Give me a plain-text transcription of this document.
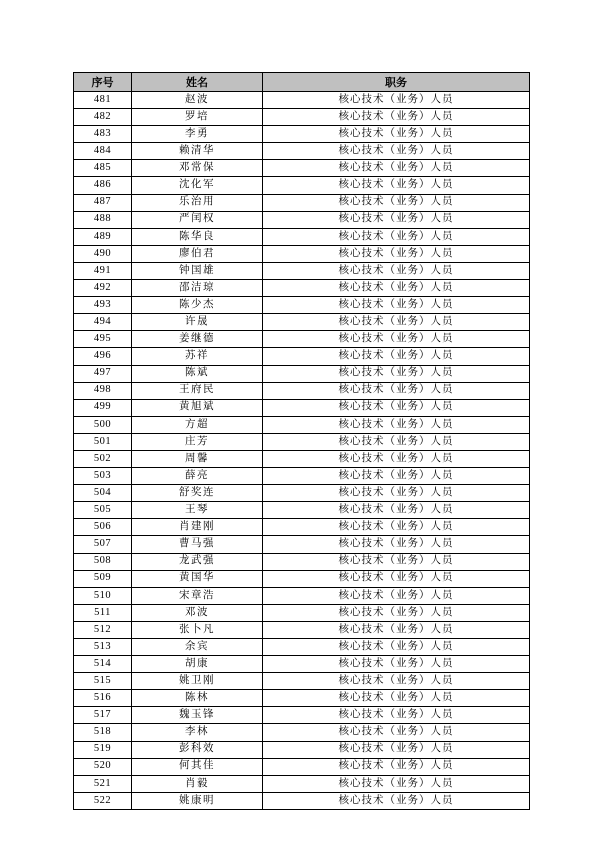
序号	姓名	职务
481	赵波	核心技术（业务）人员
482	罗培	核心技术（业务）人员
483	李勇	核心技术（业务）人员
484	赖清华	核心技术（业务）人员
485	邓常保	核心技术（业务）人员
486	沈化军	核心技术（业务）人员
487	乐治用	核心技术（业务）人员
488	严闰权	核心技术（业务）人员
489	陈华良	核心技术（业务）人员
490	廖伯君	核心技术（业务）人员
491	钟国雄	核心技术（业务）人员
492	邵洁琼	核心技术（业务）人员
493	陈少杰	核心技术（业务）人员
494	许晟	核心技术（业务）人员
495	姜继德	核心技术（业务）人员
496	苏祥	核心技术（业务）人员
497	陈斌	核心技术（业务）人员
498	王府民	核心技术（业务）人员
499	黄旭斌	核心技术（业务）人员
500	方超	核心技术（业务）人员
501	庄芳	核心技术（业务）人员
502	周馨	核心技术（业务）人员
503	薛亮	核心技术（业务）人员
504	舒奖连	核心技术（业务）人员
505	王琴	核心技术（业务）人员
506	肖建刚	核心技术（业务）人员
507	曹马强	核心技术（业务）人员
508	龙武强	核心技术（业务）人员
509	黄国华	核心技术（业务）人员
510	宋章浩	核心技术（业务）人员
511	邓波	核心技术（业务）人员
512	张卜凡	核心技术（业务）人员
513	余宾	核心技术（业务）人员
514	胡康	核心技术（业务）人员
515	姚卫刚	核心技术（业务）人员
516	陈林	核心技术（业务）人员
517	魏玉锋	核心技术（业务）人员
518	李林	核心技术（业务）人员
519	彭科效	核心技术（业务）人员
520	何其佳	核心技术（业务）人员
521	肖毅	核心技术（业务）人员
522	姚康明	核心技术（业务）人员
